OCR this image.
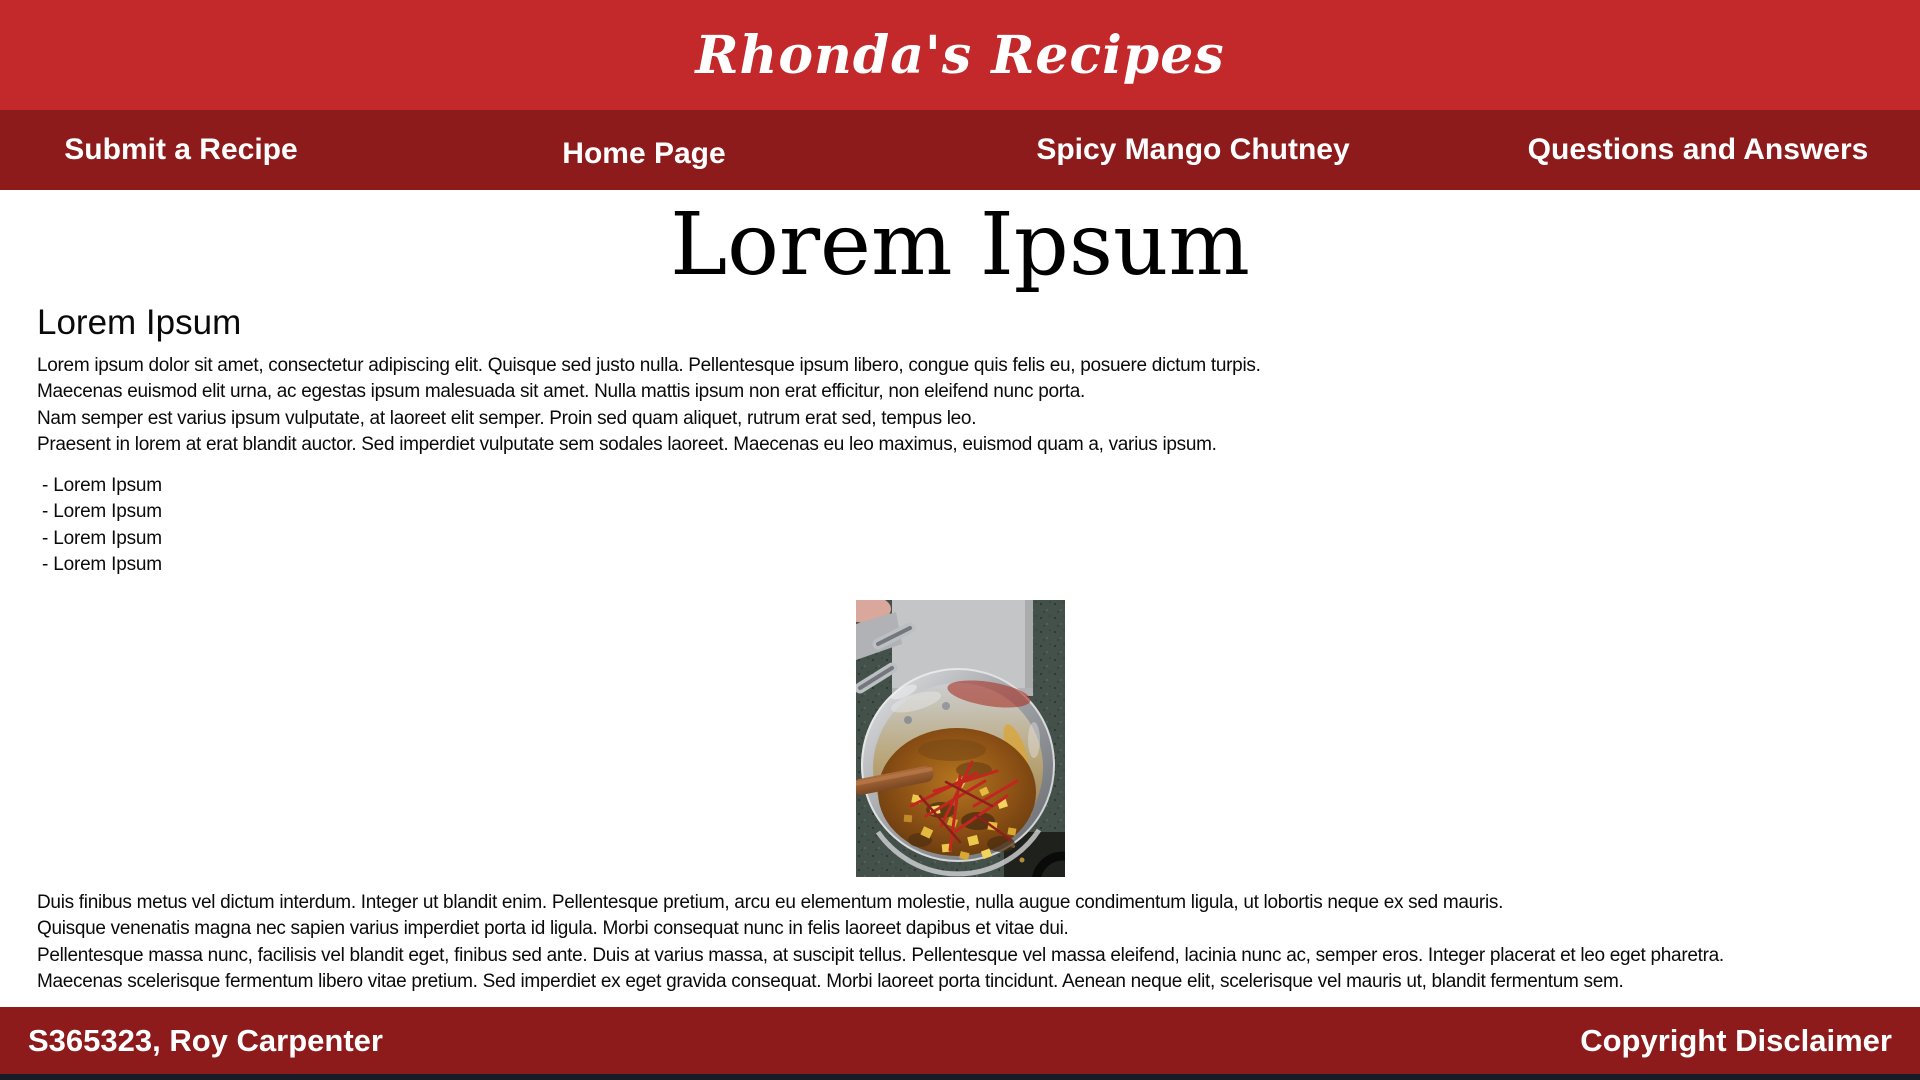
Rhonda's Recipes
Submit a Recipe	Home Page	Spicy Mango Chutney	Questions and Answers
Lorem Ipsum
Lorem Ipsum
Lorem ipsum dolor sit amet, consectetur adipiscing elit. Quisque sed justo nulla. Pellentesque ipsum libero, congue quis felis eu, posuere dictum turpis.
Maecenas euismod elit urna, ac egestas ipsum malesuada sit amet. Nulla mattis ipsum non erat efficitur, non eleifend nunc porta.
Nam semper est varius ipsum vulputate, at laoreet elit semper. Proin sed quam aliquet, rutrum erat sed, tempus leo.
Praesent in lorem at erat blandit auctor. Sed imperdiet vulputate sem sodales laoreet. Maecenas eu leo maximus, euismod quam a, varius ipsum.
- Lorem Ipsum
- Lorem Ipsum
- Lorem Ipsum
- Lorem Ipsum
Duis finibus metus vel dictum interdum. Integer ut blandit enim. Pellentesque pretium, arcu eu elementum molestie, nulla augue condimentum ligula, ut lobortis neque ex sed mauris.
Quisque venenatis magna nec sapien varius imperdiet porta id ligula. Morbi consequat nunc in felis laoreet dapibus et vitae dui.
Pellentesque massa nunc, facilisis vel blandit eget, finibus sed ante. Duis at varius massa, at suscipit tellus. Pellentesque vel massa eleifend, lacinia nunc ac, semper eros. Integer placerat et leo eget pharetra.
Maecenas scelerisque fermentum libero vitae pretium. Sed imperdiet ex eget gravida consequat. Morbi laoreet porta tincidunt. Aenean neque elit, scelerisque vel mauris ut, blandit fermentum sem.
S365323, Roy Carpenter	Copyright Disclaimer
